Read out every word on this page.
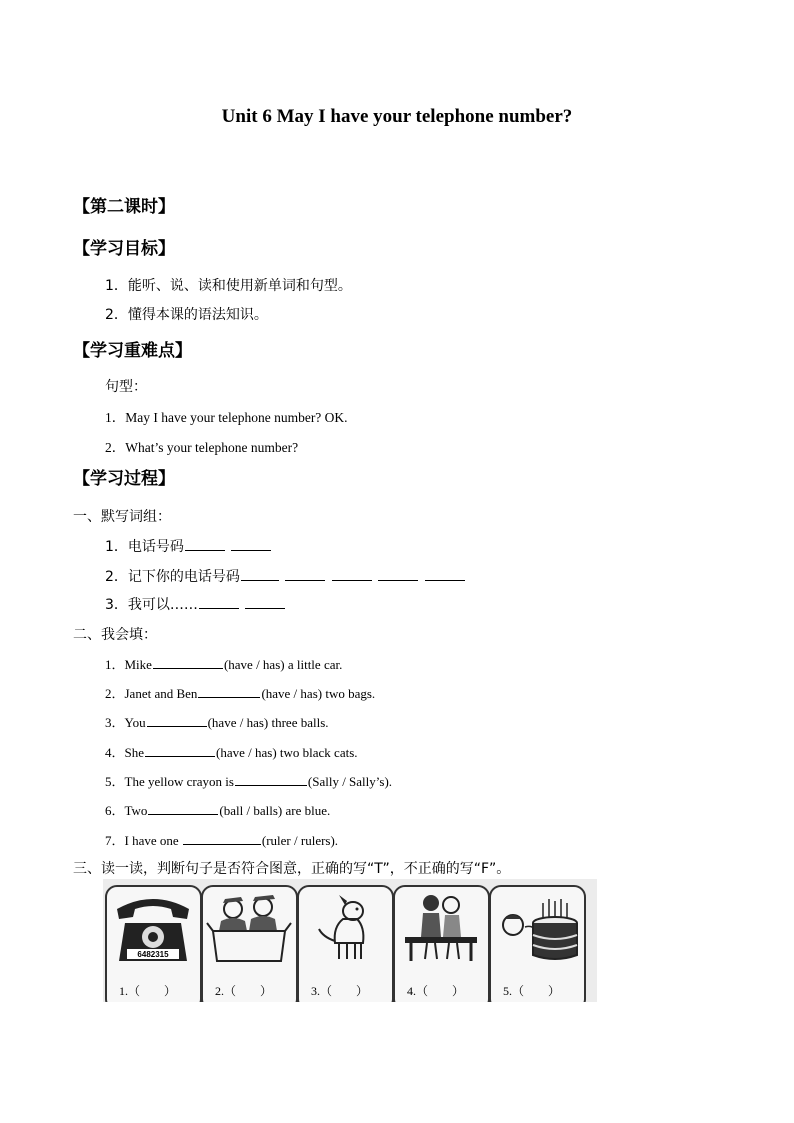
Unit 6 May I have your telephone number?
【第二课时】
【学习目标】
1．能听、说、读和使用新单词和句型。
2．懂得本课的语法知识。
【学习重难点】
句型：
1．May I have your telephone number? OK.
2．What’s your telephone number?
【学习过程】
一、默写词组：
1．电话号码
2．记下你的电话号码
3．我可以……
二、我会填：
1．Mike	(have / has) a little car.
2．Janet and Ben	(have / has) two bags.
3．You	(have / has) three balls.
4．She	(have / has) two black cats.
5．The yellow crayon is	(Sally / Sally’s).
6．Two	(ball / balls) are blue.
7．I have one	(ruler / rulers).
三、读一读，判断句子是否符合图意，正确的写“T”，不正确的写“F”。
6482315
1.（　　）	2.（　　）	3.（　　）	4.（　　）	5.（　　）
